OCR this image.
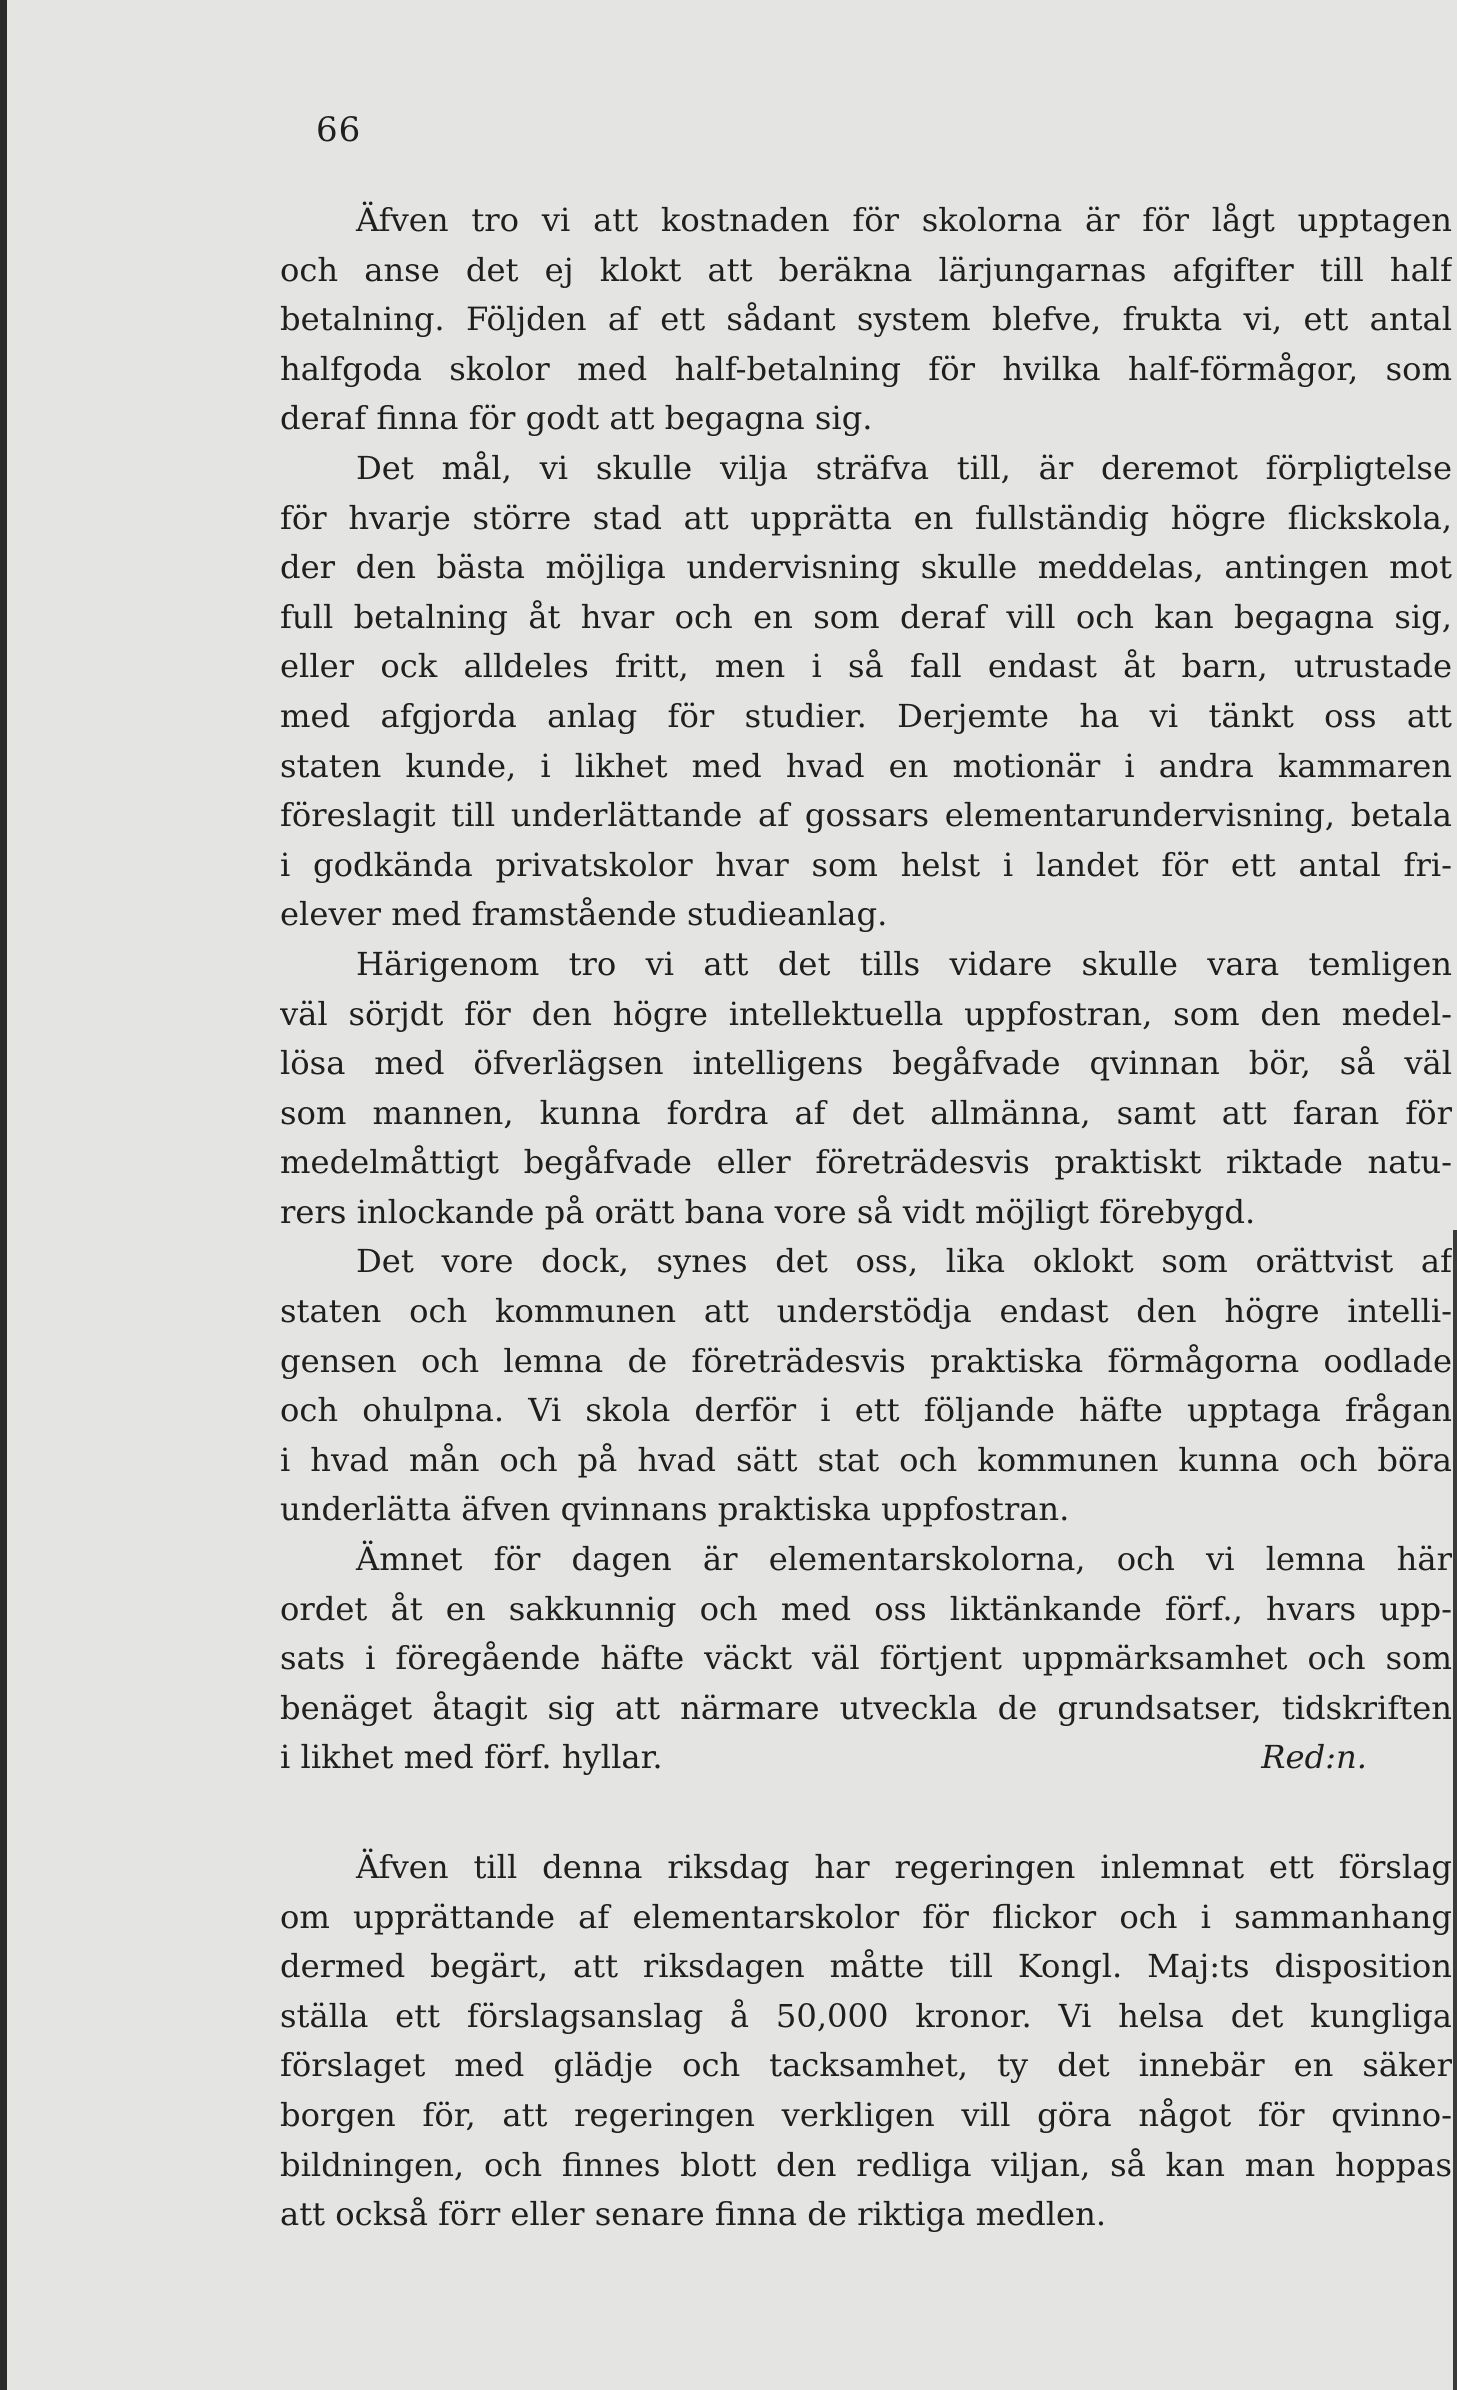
66
Äfven tro vi att kostnaden för skolorna är för lågt upptagen
och anse det ej klokt att beräkna lärjungarnas afgifter till half
betalning. Följden af ett sådant system blefve, frukta vi, ett antal
halfgoda skolor med half-betalning för hvilka half-förmågor, som
deraf finna för godt att begagna sig.
Det mål, vi skulle vilja sträfva till, är deremot förpligtelse
för hvarje större stad att upprätta en fullständig högre flickskola,
der den bästa möjliga undervisning skulle meddelas, antingen mot
full betalning åt hvar och en som deraf vill och kan begagna sig,
eller ock alldeles fritt, men i så fall endast åt barn, utrustade
med afgjorda anlag för studier. Derjemte ha vi tänkt oss att
staten kunde, i likhet med hvad en motionär i andra kammaren
föreslagit till underlättande af gossars elementarundervisning, betala
i godkända privatskolor hvar som helst i landet för ett antal fri-
elever med framstående studieanlag.
Härigenom tro vi att det tills vidare skulle vara temligen
väl sörjdt för den högre intellektuella uppfostran, som den medel-
lösa med öfverlägsen intelligens begåfvade qvinnan bör, så väl
som mannen, kunna fordra af det allmänna, samt att faran för
medelmåttigt begåfvade eller företrädesvis praktiskt riktade natu-
rers inlockande på orätt bana vore så vidt möjligt förebygd.
Det vore dock, synes det oss, lika oklokt som orättvist af
staten och kommunen att understödja endast den högre intelli-
gensen och lemna de företrädesvis praktiska förmågorna oodlade
och ohulpna. Vi skola derför i ett följande häfte upptaga frågan
i hvad mån och på hvad sätt stat och kommunen kunna och böra
underlätta äfven qvinnans praktiska uppfostran.
Ämnet för dagen är elementarskolorna, och vi lemna här
ordet åt en sakkunnig och med oss liktänkande förf., hvars upp-
sats i föregående häfte väckt väl förtjent uppmärksamhet och som
benäget åtagit sig att närmare utveckla de grundsatser, tidskriften
i likhet med förf. hyllar.	Red:n.
Äfven till denna riksdag har regeringen inlemnat ett förslag
om upprättande af elementarskolor för flickor och i sammanhang
dermed begärt, att riksdagen måtte till Kongl. Maj:ts disposition
ställa ett förslagsanslag å 50,000 kronor. Vi helsa det kungliga
förslaget med glädje och tacksamhet, ty det innebär en säker
borgen för, att regeringen verkligen vill göra något för qvinno-
bildningen, och finnes blott den redliga viljan, så kan man hoppas
att också förr eller senare finna de riktiga medlen.
